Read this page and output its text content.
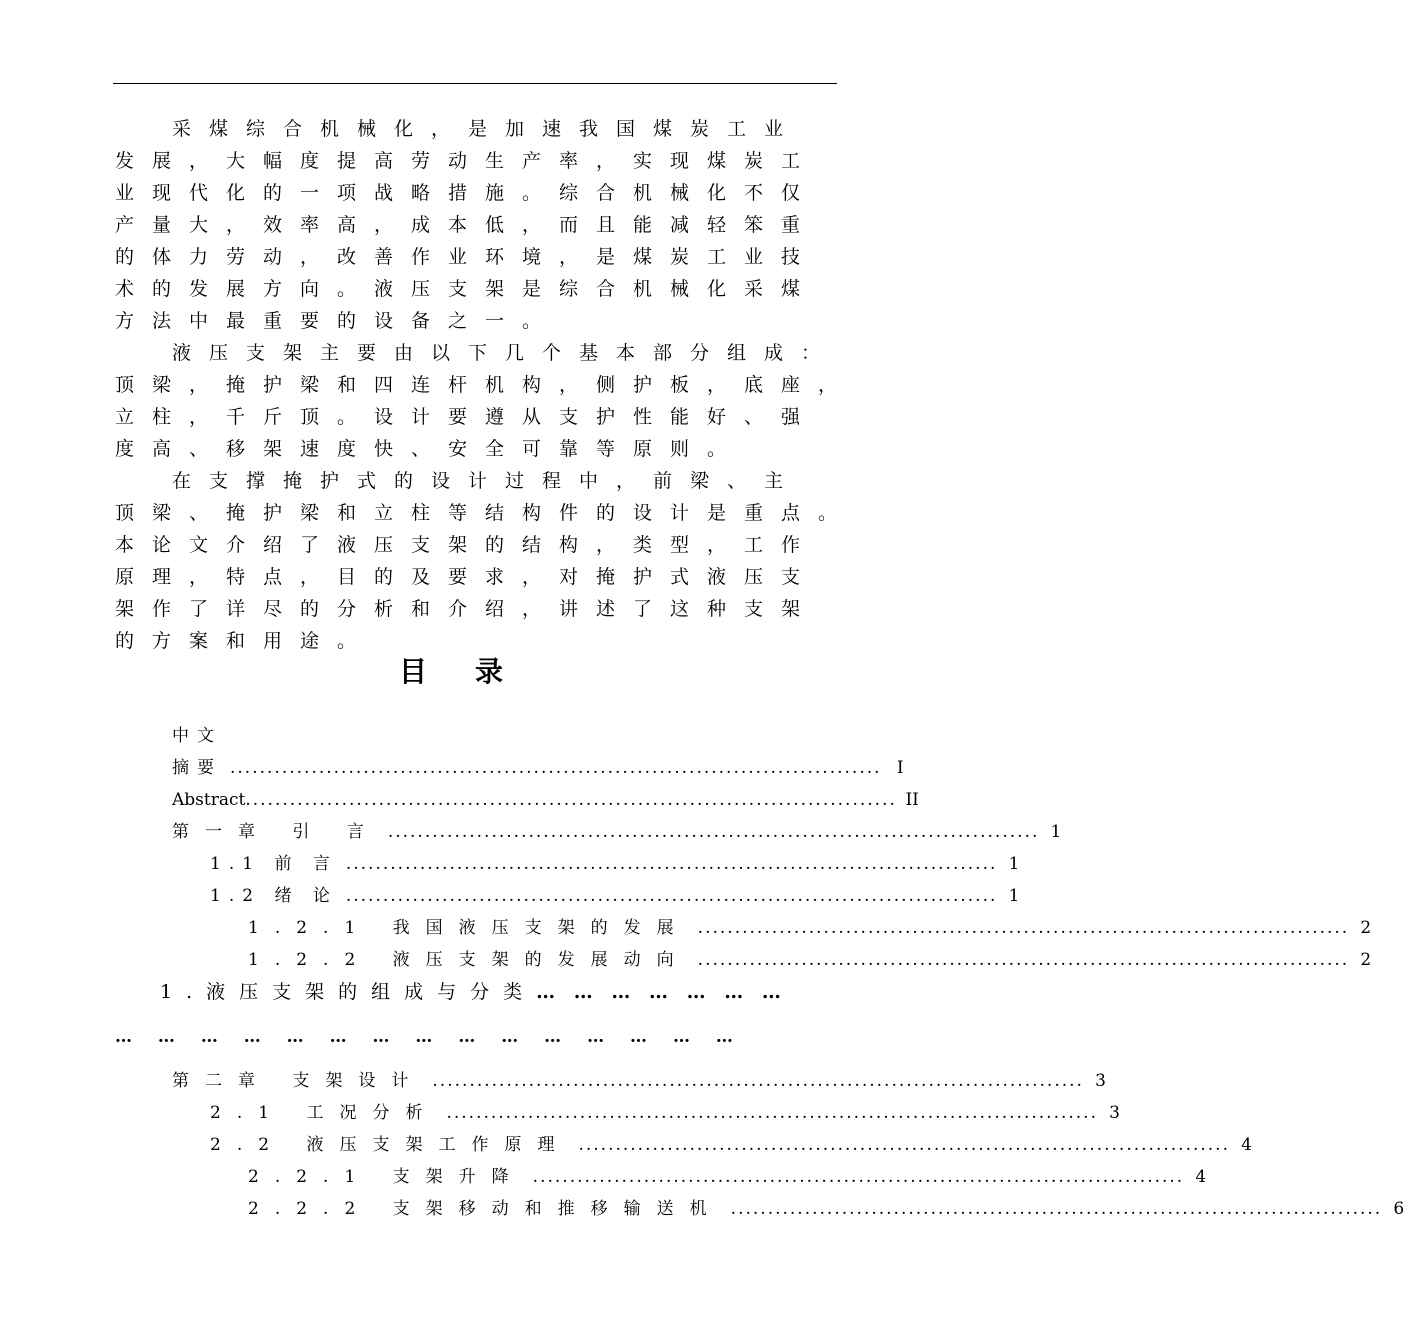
采煤综合机械化，是加速我国煤炭工业
发展，大幅度提高劳动生产率，实现煤炭工
业现代化的一项战略措施。综合机械化不仅
产量大，效率高，成本低，而且能减轻笨重
的体力劳动，改善作业环境，是煤炭工业技
术的发展方向。液压支架是综合机械化采煤
方法中最重要的设备之一。
液压支架主要由以下几个基本部分组成：
顶梁，掩护梁和四连杆机构，侧护板，底座，
立柱，千斤顶。设计要遵从支护性能好、强
度高、移架速度快、安全可靠等原则。
在支撑掩护式的设计过程中，前梁、主
顶梁、掩护梁和立柱等结构件的设计是重点。
本论文介绍了液压支架的结构，类型，工作
原理，特点，目的及要求，对掩护式液压支
架作了详尽的分析和介绍，讲述了这种支架
的方案和用途。
目录
中文
摘要 ........................................................................................ I
Abstract ........................................................................................ II
第一章 引 言 ........................................................................................ 1
1.1 前 言 ........................................................................................ 1
1.2 绪 论 ........................................................................................ 1
1.2.1 我国液压支架的发展 ........................................................................................ 2
1.2.2 液压支架的发展动向 ........................................................................................ 2
1.液压支架的组成与分类 … … … … … … …
… … … … … … … … … … … … … … …
第二章 支架设计 ........................................................................................ 3
2.1 工况分析 ........................................................................................ 3
2.2 液压支架工作原理 ........................................................................................ 4
2.2.1 支架升降 ........................................................................................ 4
2.2.2 支架移动和推移输送机 ........................................................................................ 6
